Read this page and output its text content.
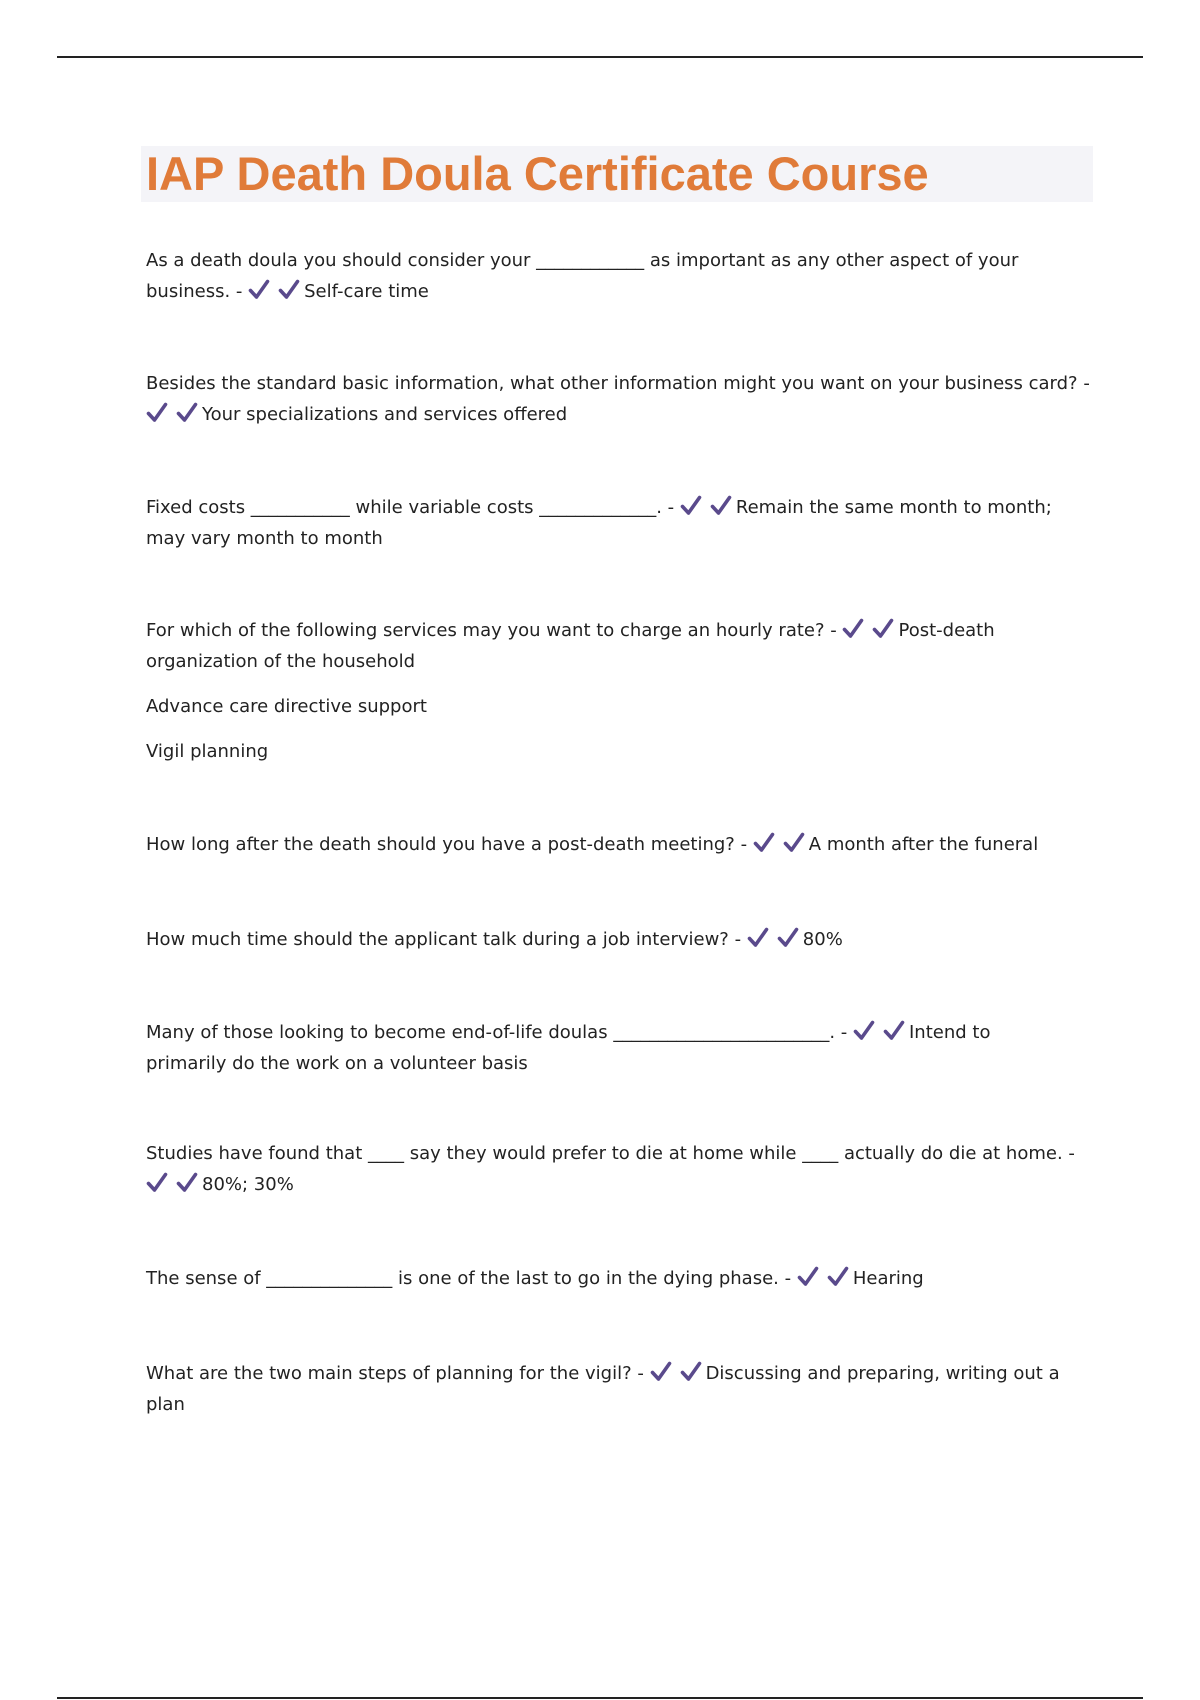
IAP Death Doula Certificate Course
As a death doula you should consider your ____________ as important as any other aspect of your
business. -	Self-care time
Besides the standard basic information, what other information might you want on your business card? -
Your specializations and services offered
Fixed costs ___________ while variable costs _____________. -	Remain the same month to month;
may vary month to month
For which of the following services may you want to charge an hourly rate? -	Post-death
organization of the household
Advance care directive support
Vigil planning
How long after the death should you have a post-death meeting? -	A month after the funeral
How much time should the applicant talk during a job interview? -	80%
Many of those looking to become end-of-life doulas ________________________. -	Intend to
primarily do the work on a volunteer basis
Studies have found that ____ say they would prefer to die at home while ____ actually do die at home. -
80%; 30%
The sense of ______________ is one of the last to go in the dying phase. -	Hearing
What are the two main steps of planning for the vigil? -	Discussing and preparing, writing out a
plan
